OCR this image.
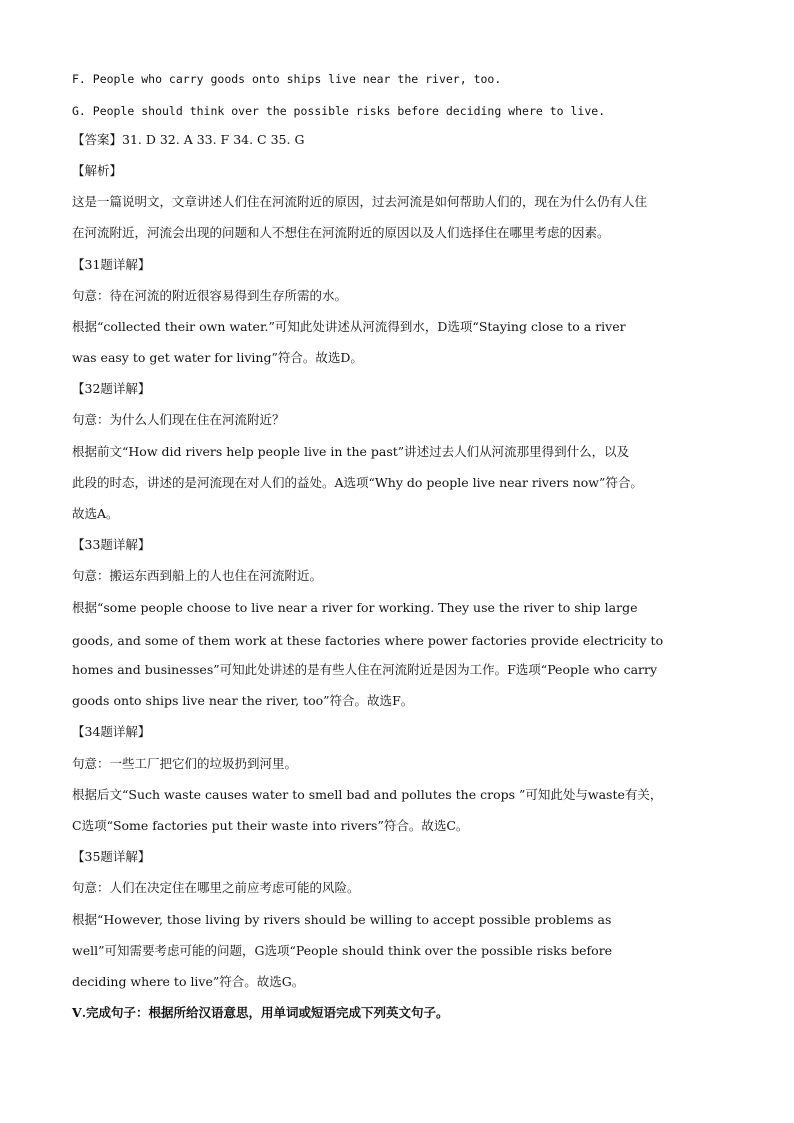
F. People who carry goods onto ships live near the river, too.
G. People should think over the possible risks before deciding where to live.
【答案】31. D 32. A 33. F 34. C 35. G
【解析】
这是一篇说明文，文章讲述人们住在河流附近的原因，过去河流是如何帮助人们的，现在为什么仍有人住
在河流附近，河流会出现的问题和人不想住在河流附近的原因以及人们选择住在哪里考虑的因素。
【31题详解】
句意：待在河流的附近很容易得到生存所需的水。
根据“collected their own water.”可知此处讲述从河流得到水，D选项“Staying close to a river
was easy to get water for living”符合。故选D。
【32题详解】
句意：为什么人们现在住在河流附近？
根据前文“How did rivers help people live in the past”讲述过去人们从河流那里得到什么，以及
此段的时态，讲述的是河流现在对人们的益处。A选项“Why do people live near rivers now”符合。
故选A。
【33题详解】
句意：搬运东西到船上的人也住在河流附近。
根据“some people choose to live near a river for working. They use the river to ship large
goods, and some of them work at these factories where power factories provide electricity to
homes and businesses”可知此处讲述的是有些人住在河流附近是因为工作。F选项“People who carry
goods onto ships live near the river, too”符合。故选F。
【34题详解】
句意：一些工厂把它们的垃圾扔到河里。
根据后文“Such waste causes water to smell bad and pollutes the crops ”可知此处与waste有关，
C选项“Some factories put their waste into rivers”符合。故选C。
【35题详解】
句意：人们在决定住在哪里之前应考虑可能的风险。
根据“However, those living by rivers should be willing to accept possible problems as
well”可知需要考虑可能的问题，G选项“People should think over the possible risks before
deciding where to live”符合。故选G。
Ⅴ.完成句子：根据所给汉语意思，用单词或短语完成下列英文句子。
